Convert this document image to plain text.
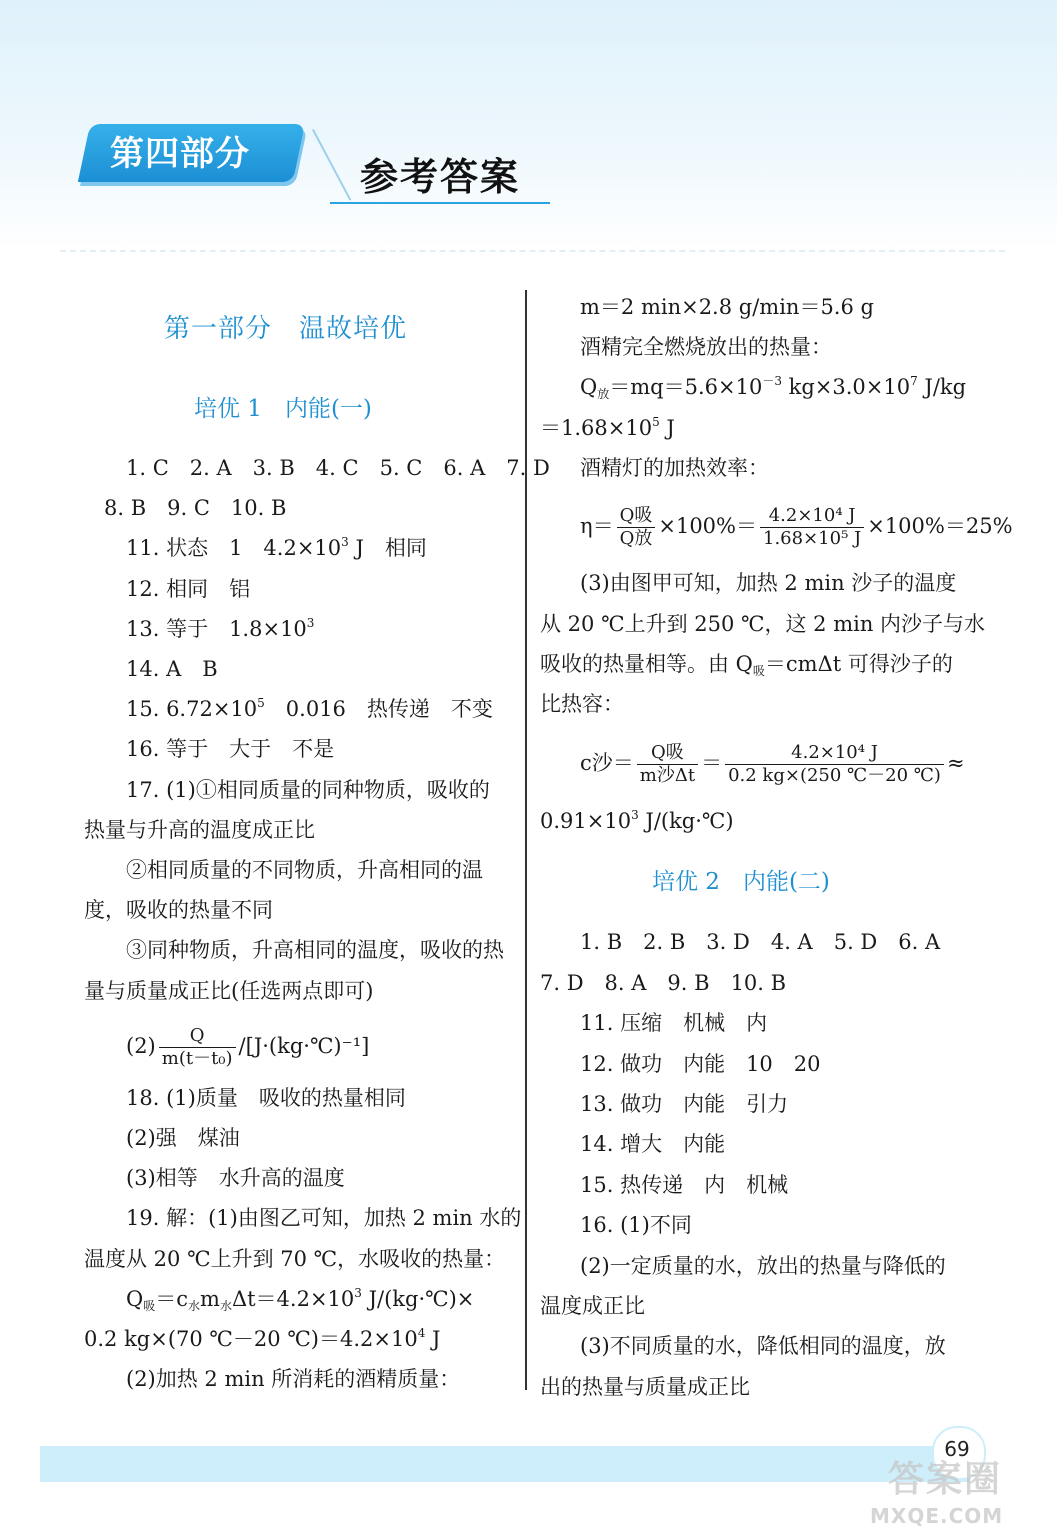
第四部分
参考答案
第一部分　温故培优
培优 1　内能(一)
1. C　2. A　3. B　4. C　5. C　6. A　7. D
8. B　9. C　10. B
11. 状态　1　$4.2\times 10^3$ J　相同
12. 相同　铝
13. 等于　$1.8\times 10^3$
14. A　B
15. $6.72\times 10^5$　0.016　热传递　不变
16. 等于　大于　不是
17. (1)①相同质量的同种物质，吸收的
热量与升高的温度成正比
②相同质量的不同物质，升高相同的温
度，吸收的热量不同
③同种物质，升高相同的温度，吸收的热
量与质量成正比(任选两点即可)
$(2) \frac{Q}{\text{m(t－t₀)}}$ /[J·(kg·℃)⁻¹]
18. (1)质量　吸收的热量相同
(2)强　煤油
(3)相等　水升高的温度
19. 解：(1)由图乙可知，加热 2 min 水的
温度从 20 ℃上升到 70 ℃，水吸收的热量：
$Q_吸=c_水m_水\Delta t=4.2\times 10^3$ J/(kg·℃)×
0.2 kg×(70 ℃－20 $℃)=4.2\times 10^4$ J
(2)加热 2 min 所消耗的酒精质量：
m＝2 min×2.8 g/min＝5.6 g
酒精完全燃烧放出的热量：
$Q_放=mq=5.6\times 10^{-3}$ $kg\times 3.0\times 10^7$ J/kg
$=1.68\times 10^5$ J
酒精灯的加热效率：
$\eta= \frac{\text{Q吸}}{\text{Q放}} \times 100\%= \frac{\text{4.2×10⁴ J}}{\text{1.68×10⁵ J}} \times 100\%=25\%$
(3)由图甲可知，加热 2 min 沙子的温度
从 20 ℃上升到 250 ℃，这 2 min 内沙子与水
吸收的热量相等。由 $Q_吸=cm\Delta t$ 可得沙子的
比热容：
c沙＝ $\frac{\text{Q吸}}{\text{m沙Δt}} = \frac{\text{4.2×10⁴ J}}{0.2 kg\times(250 ℃-20 ℃)}$ ≈
$0.91\times 10^3$ J/(kg·℃)
培优 2　内能(二)
1. B　2. B　3. D　4. A　5. D　6. A
7. D　8. A　9. B　10. B
11. 压缩　机械　内
12. 做功　内能　10　20
13. 做功　内能　引力
14. 增大　内能
15. 热传递　内　机械
16. (1)不同
(2)一定质量的水，放出的热量与降低的
温度成正比
(3)不同质量的水，降低相同的温度，放
出的热量与质量成正比
69
答案圈
MXQE.COM
